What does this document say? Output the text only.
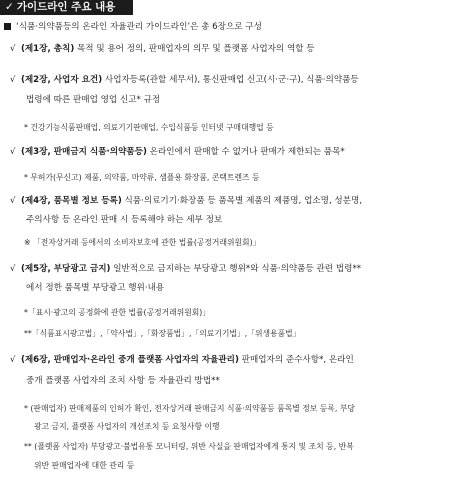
✓ 가이드라인 주요 내용
‘식품·의약품등의 온라인 자율관리 가이드라인’은 총 6장으로 구성
√ (제1장, 총칙) 목적 및 용어 정의, 판매업자의 의무 및 플랫폼 사업자의 역할 등
√ (제2장, 사업자 요건) 사업자등록(관할 세무서), 통신판매업 신고(시·군·구), 식품·의약품등
법령에 따른 판매업 영업 신고* 규정
* 건강기능식품판매업, 의료기기판매업, 수입식품등 인터넷 구매대행업 등
√ (제3장, 판매금지 식품·의약품등) 온라인에서 판매할 수 없거나 판매가 제한되는 품목*
* 무허가(무신고) 제품, 의약품, 마약류, 샘플용 화장품, 콘택트렌즈 등
√ (제4장, 품목별 정보 등록) 식품·의료기기·화장품 등 품목별 제품의 제품명, 업소명, 성분명,
주의사항 등 온라인 판매 시 등록해야 하는 세부 정보
※ 「전자상거래 등에서의 소비자보호에 관한 법률(공정거래위원회)」
√ (제5장, 부당광고 금지) 일반적으로 금지하는 부당광고 행위*와 식품·의약품등 관련 법령**
에서 정한 품목별 부당광고 행위·내용
*「표시·광고의 공정화에 관한 법률(공정거래위원회)」
**「식품표시광고법」,「약사법」,「화장품법」,「의료기기법」,「위생용품법」
√ (제6장, 판매업자·온라인 중개 플랫폼 사업자의 자율관리) 판매업자의 준수사항*, 온라인
중개 플랫폼 사업자의 조치 사항 등 자율관리 방법**
* (판매업자) 판매제품의 인허가 확인, 전자상거래 판매금지 식품·의약품등 품목별 정보 등록, 부당
광고 금지, 플랫폼 사업자의 개선조치 등 요청사항 이행
** (플랫폼 사업자) 부당광고·불법유통 모니터링, 위반 사실을 판매업자에게 통지 및 조치 등, 반복
위반 판매업자에 대한 관리 등
